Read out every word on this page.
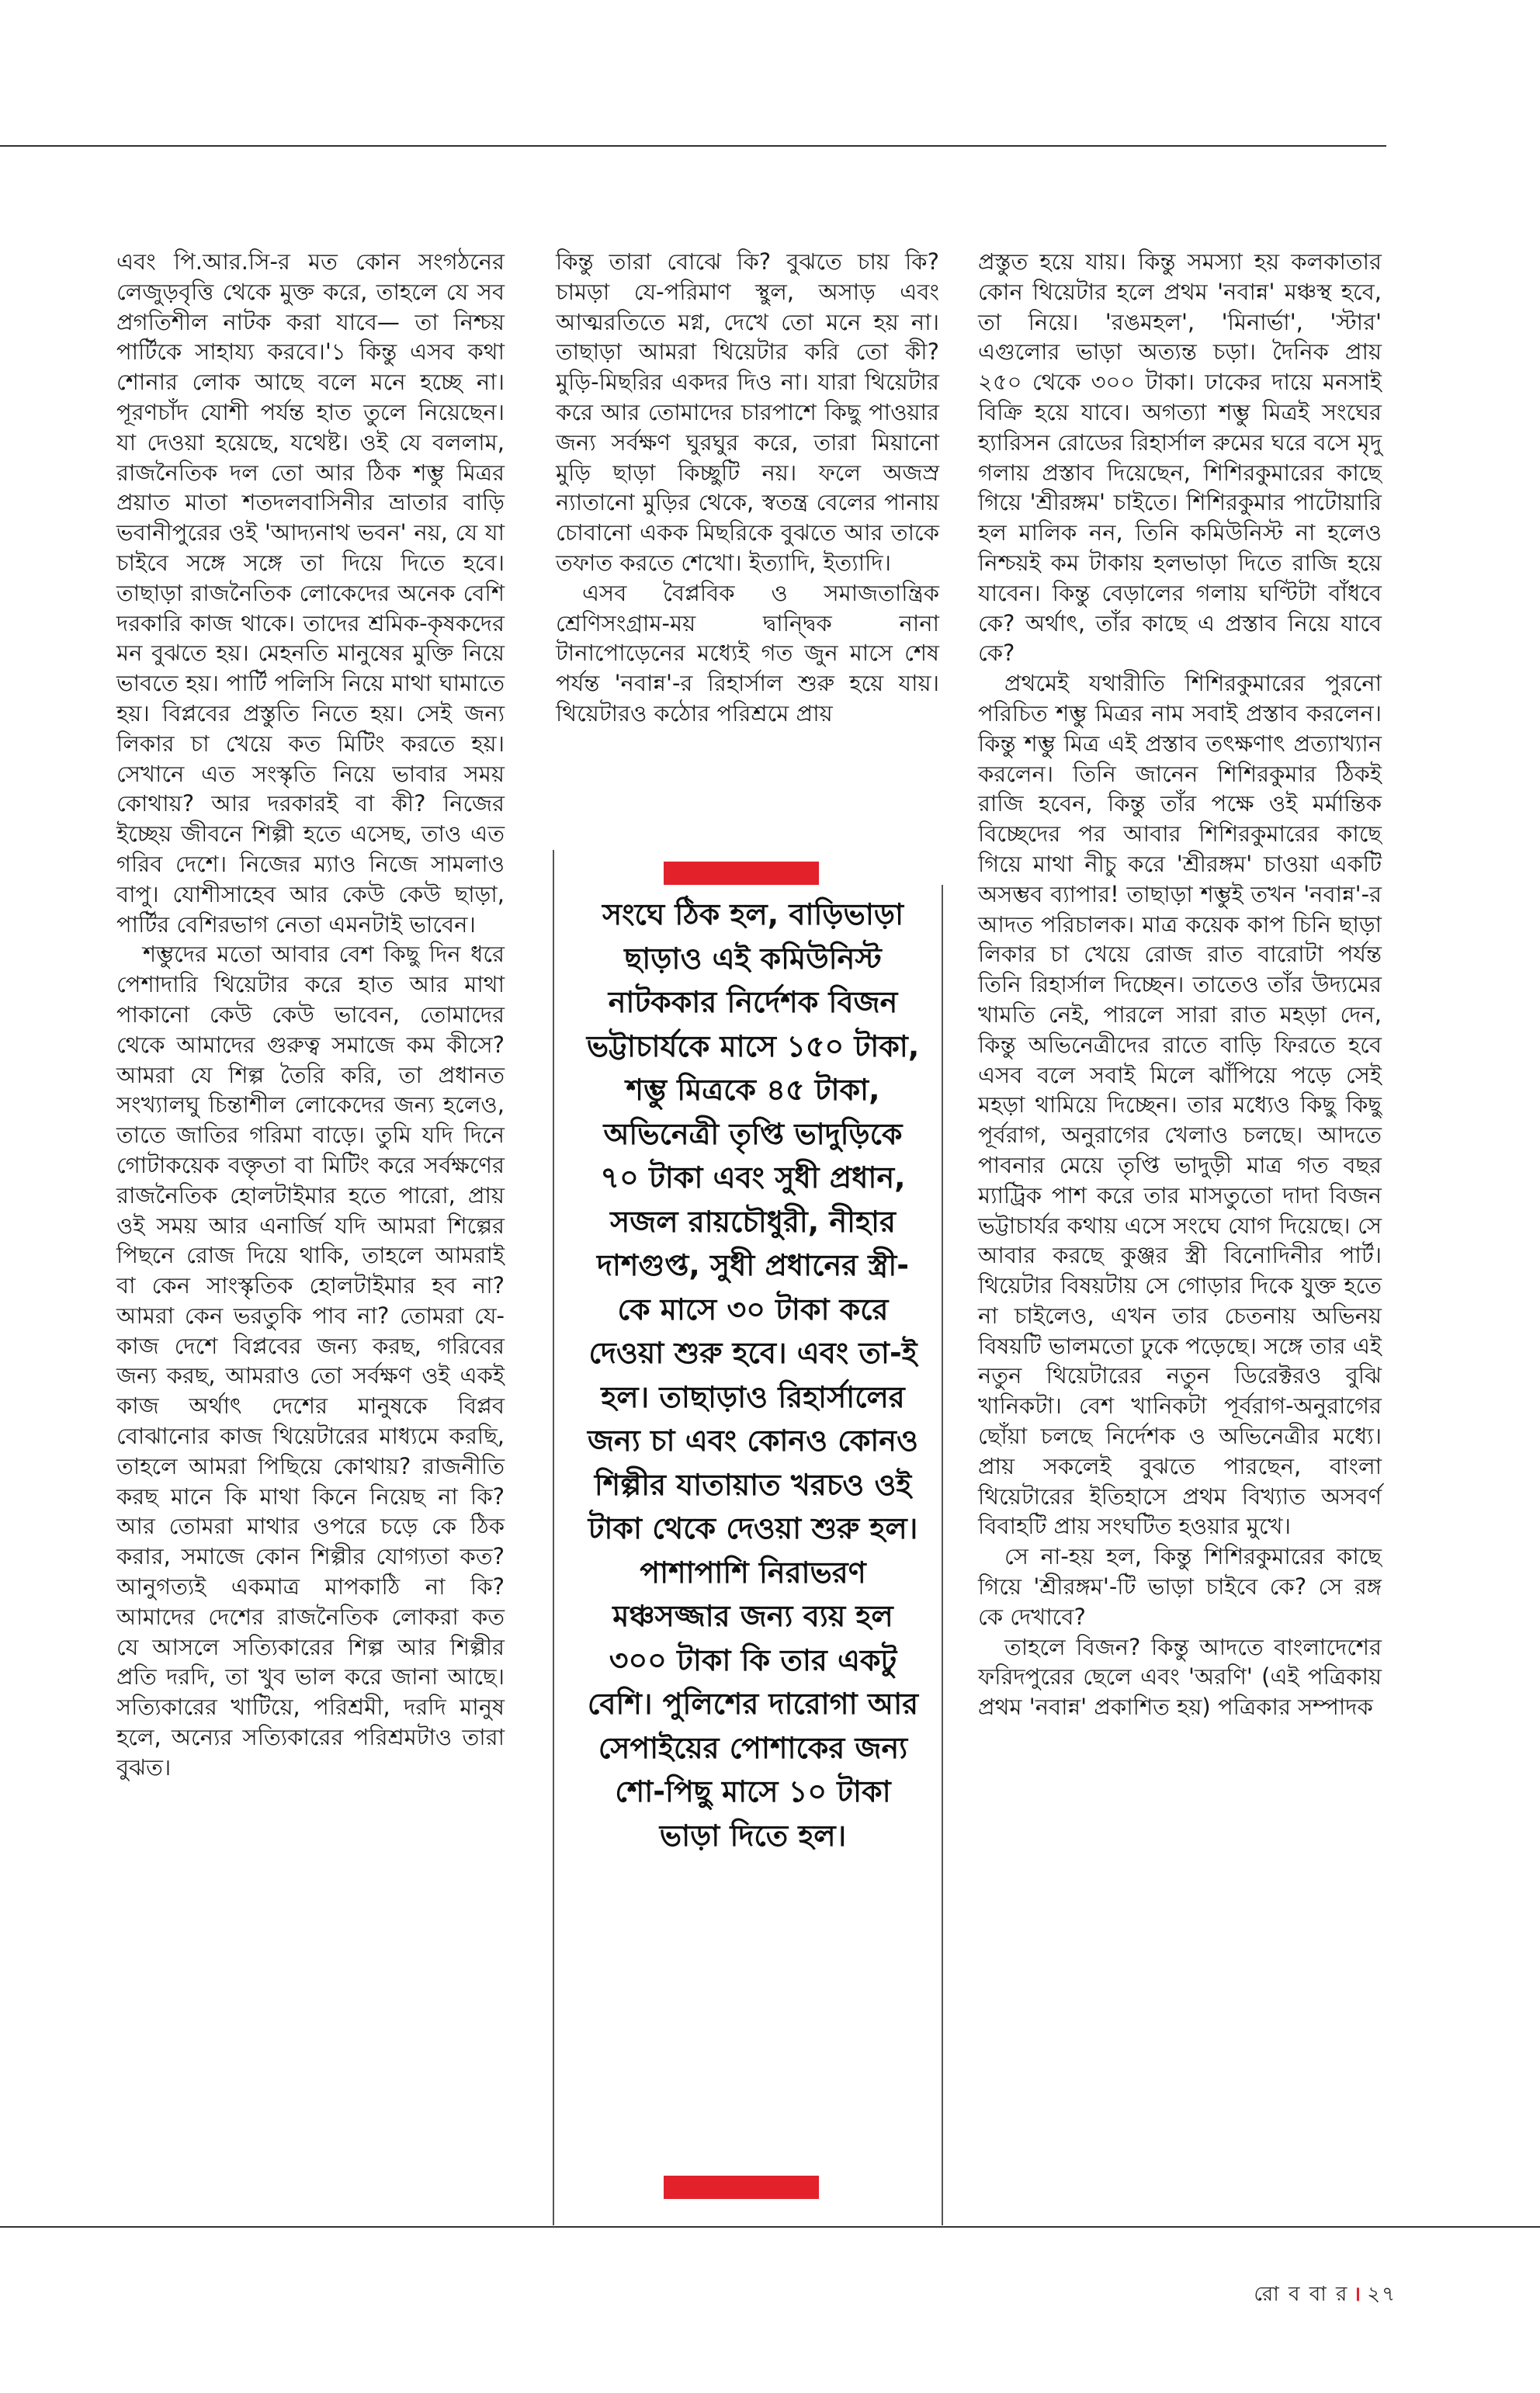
এবং পি.আর.সি-র মত কোন সংগঠনের লেজুড়বৃত্তি থেকে মুক্ত করে, তাহলে যে সব প্রগতিশীল নাটক করা যাবে— তা নিশ্চয় পার্টিকে সাহায্য করবে।'১ কিন্তু এসব কথা শোনার লোক আছে বলে মনে হচ্ছে না। পূরণচাঁদ যোশী পর্যন্ত হাত তুলে নিয়েছেন। যা দেওয়া হয়েছে, যথেষ্ট। ওই যে বললাম, রাজনৈতিক দল তো আর ঠিক শম্ভু মিত্রর প্রয়াত মাতা শতদলবাসিনীর ভ্রাতার বাড়ি ভবানীপুরের ওই 'আদ্যনাথ ভবন' নয়, যে যা চাইবে সঙ্গে সঙ্গে তা দিয়ে দিতে হবে। তাছাড়া রাজনৈতিক লোকেদের অনেক বেশি দরকারি কাজ থাকে। তাদের শ্রমিক-কৃষকদের মন বুঝতে হয়। মেহনতি মানুষের মুক্তি নিয়ে ভাবতে হয়। পার্টি পলিসি নিয়ে মাথা ঘামাতে হয়। বিপ্লবের প্রস্তুতি নিতে হয়। সেই জন্য লিকার চা খেয়ে কত মিটিং করতে হয়। সেখানে এত সংস্কৃতি নিয়ে ভাবার সময় কোথায়? আর দরকারই বা কী? নিজের ইচ্ছেয় জীবনে শিল্পী হতে এসেছ, তাও এত গরিব দেশে। নিজের ম্যাও নিজে সামলাও বাপু। যোশীসাহেব আর কেউ কেউ ছাড়া, পার্টির বেশিরভাগ নেতা এমনটাই ভাবেন।

শম্ভুদের মতো আবার বেশ কিছু দিন ধরে পেশাদারি থিয়েটার করে হাত আর মাথা পাকানো কেউ কেউ ভাবেন, তোমাদের থেকে আমাদের গুরুত্ব সমাজে কম কীসে? আমরা যে শিল্প তৈরি করি, তা প্রধানত সংখ্যালঘু চিন্তাশীল লোকেদের জন্য হলেও, তাতে জাতির গরিমা বাড়ে। তুমি যদি দিনে গোটাকয়েক বক্তৃতা বা মিটিং করে সর্বক্ষণের রাজনৈতিক হোলটাইমার হতে পারো, প্রায় ওই সময় আর এনার্জি যদি আমরা শিল্পের পিছনে রোজ দিয়ে থাকি, তাহলে আমরাই বা কেন সাংস্কৃতিক হোলটাইমার হব না? আমরা কেন ভরতুকি পাব না? তোমরা যে-কাজ দেশে বিপ্লবের জন্য করছ, গরিবের জন্য করছ, আমরাও তো সর্বক্ষণ ওই একই কাজ অর্থাৎ দেশের মানুষকে বিপ্লব বোঝানোর কাজ থিয়েটারের মাধ্যমে করছি, তাহলে আমরা পিছিয়ে কোথায়? রাজনীতি করছ মানে কি মাথা কিনে নিয়েছ না কি? আর তোমরা মাথার ওপরে চড়ে কে ঠিক করার, সমাজে কোন শিল্পীর যোগ্যতা কত? আনুগত্যই একমাত্র মাপকাঠি না কি? আমাদের দেশের রাজনৈতিক লোকরা কত যে আসলে সত্যিকারের শিল্প আর শিল্পীর প্রতি দরদি, তা খুব ভাল করে জানা আছে। সত্যিকারের খাটিয়ে, পরিশ্রমী, দরদি মানুষ হলে, অন্যের সত্যিকারের পরিশ্রমটাও তারা বুঝত।

কিন্তু তারা বোঝে কি? বুঝতে চায় কি? চামড়া যে-পরিমাণ স্থুল, অসাড় এবং আত্মরতিতে মগ্ন, দেখে তো মনে হয় না। তাছাড়া আমরা থিয়েটার করি তো কী? মুড়ি-মিছরির একদর দিও না। যারা থিয়েটার করে আর তোমাদের চারপাশে কিছু পাওয়ার জন্য সর্বক্ষণ ঘুরঘুর করে, তারা মিয়ানো মুড়ি ছাড়া কিচ্ছুটি নয়। ফলে অজস্র ন্যাতানো মুড়ির থেকে, স্বতন্ত্র বেলের পানায় চোবানো একক মিছরিকে বুঝতে আর তাকে তফাত করতে শেখো। ইত্যাদি, ইত্যাদি।

এসব বৈপ্লবিক ও সমাজতান্ত্রিক শ্রেণিসংগ্রাম-ময় দ্বান্দ্বিক নানা টানাপোড়েনের মধ্যেই গত জুন মাসে শেষ পর্যন্ত 'নবান্ন'-র রিহার্সাল শুরু হয়ে যায়। থিয়েটারও কঠোর পরিশ্রমে প্রায়

সংঘে ঠিক হল, বাড়িভাড়া ছাড়াও এই কমিউনিস্ট নাটককার নির্দেশক বিজন ভট্টাচার্যকে মাসে ১৫০ টাকা, শম্ভু মিত্রকে ৪৫ টাকা, অভিনেত্রী তৃপ্তি ভাদুড়িকে ৭০ টাকা এবং সুধী প্রধান, সজল রায়চৌধুরী, নীহার দাশগুপ্ত, সুধী প্রধানের স্ত্রী-কে মাসে ৩০ টাকা করে দেওয়া শুরু হবে। এবং তা-ই হল। তাছাড়াও রিহার্সালের জন্য চা এবং কোনও কোনও শিল্পীর যাতায়াত খরচও ওই টাকা থেকে দেওয়া শুরু হল। পাশাপাশি নিরাভরণ মঞ্চসজ্জার জন্য ব্যয় হল ৩০০ টাকা কি তার একটু বেশি। পুলিশের দারোগা আর সেপাইয়ের পোশাকের জন্য শো-পিছু মাসে ১০ টাকা ভাড়া দিতে হল।

প্রস্তুত হয়ে যায়। কিন্তু সমস্যা হয় কলকাতার কোন থিয়েটার হলে প্রথম 'নবান্ন' মঞ্চস্থ হবে, তা নিয়ে। 'রঙমহল', 'মিনার্ভা', 'স্টার' এগুলোর ভাড়া অত্যন্ত চড়া। দৈনিক প্রায় ২৫০ থেকে ৩০০ টাকা। ঢাকের দায়ে মনসাই বিক্রি হয়ে যাবে। অগত্যা শম্ভু মিত্রই সংঘের হ্যারিসন রোডের রিহার্সাল রুমের ঘরে বসে মৃদু গলায় প্রস্তাব দিয়েছেন, শিশিরকুমারের কাছে গিয়ে 'শ্রীরঙ্গম' চাইতে। শিশিরকুমার পাটোয়ারি হল মালিক নন, তিনি কমিউনিস্ট না হলেও নিশ্চয়ই কম টাকায় হলভাড়া দিতে রাজি হয়ে যাবেন। কিন্তু বেড়ালের গলায় ঘণ্টিটা বাঁধবে কে? অর্থাৎ, তাঁর কাছে এ প্রস্তাব নিয়ে যাবে কে?

প্রথমেই যথারীতি শিশিরকুমারের পুরনো পরিচিত শম্ভু মিত্রর নাম সবাই প্রস্তাব করলেন। কিন্তু শম্ভু মিত্র এই প্রস্তাব তৎক্ষণাৎ প্রত্যাখ্যান করলেন। তিনি জানেন শিশিরকুমার ঠিকই রাজি হবেন, কিন্তু তাঁর পক্ষে ওই মর্মান্তিক বিচ্ছেদের পর আবার শিশিরকুমারের কাছে গিয়ে মাথা নীচু করে 'শ্রীরঙ্গম' চাওয়া একটি অসম্ভব ব্যাপার! তাছাড়া শম্ভুই তখন 'নবান্ন'-র আদত পরিচালক। মাত্র কয়েক কাপ চিনি ছাড়া লিকার চা খেয়ে রোজ রাত বারোটা পর্যন্ত তিনি রিহার্সাল দিচ্ছেন। তাতেও তাঁর উদ্যমের খামতি নেই, পারলে সারা রাত মহড়া দেন, কিন্তু অভিনেত্রীদের রাতে বাড়ি ফিরতে হবে এসব বলে সবাই মিলে ঝাঁপিয়ে পড়ে সেই মহড়া থামিয়ে দিচ্ছেন। তার মধ্যেও কিছু কিছু পূর্বরাগ, অনুরাগের খেলাও চলছে। আদতে পাবনার মেয়ে তৃপ্তি ভাদুড়ী মাত্র গত বছর ম্যাট্রিক পাশ করে তার মাসতুতো দাদা বিজন ভট্টাচার্যর কথায় এসে সংঘে যোগ দিয়েছে। সে আবার করছে কুঞ্জর স্ত্রী বিনোদিনীর পার্ট। থিয়েটার বিষয়টায় সে গোড়ার দিকে যুক্ত হতে না চাইলেও, এখন তার চেতনায় অভিনয় বিষয়টি ভালমতো ঢুকে পড়েছে। সঙ্গে তার এই নতুন থিয়েটারের নতুন ডিরেক্টরও বুঝি খানিকটা। বেশ খানিকটা পূর্বরাগ-অনুরাগের ছোঁয়া চলছে নির্দেশক ও অভিনেত্রীর মধ্যে। প্রায় সকলেই বুঝতে পারছেন, বাংলা থিয়েটারের ইতিহাসে প্রথম বিখ্যাত অসবর্ণ বিবাহটি প্রায় সংঘটিত হওয়ার মুখে।

সে না-হয় হল, কিন্তু শিশিরকুমারের কাছে গিয়ে 'শ্রীরঙ্গম'-টি ভাড়া চাইবে কে? সে রঙ্গ কে দেখাবে?

তাহলে বিজন? কিন্তু আদতে বাংলাদেশের ফরিদপুরের ছেলে এবং 'অরণি' (এই পত্রিকায় প্রথম 'নবান্ন' প্রকাশিত হয়) পত্রিকার সম্পাদক

রো ব বা র । ২৭
